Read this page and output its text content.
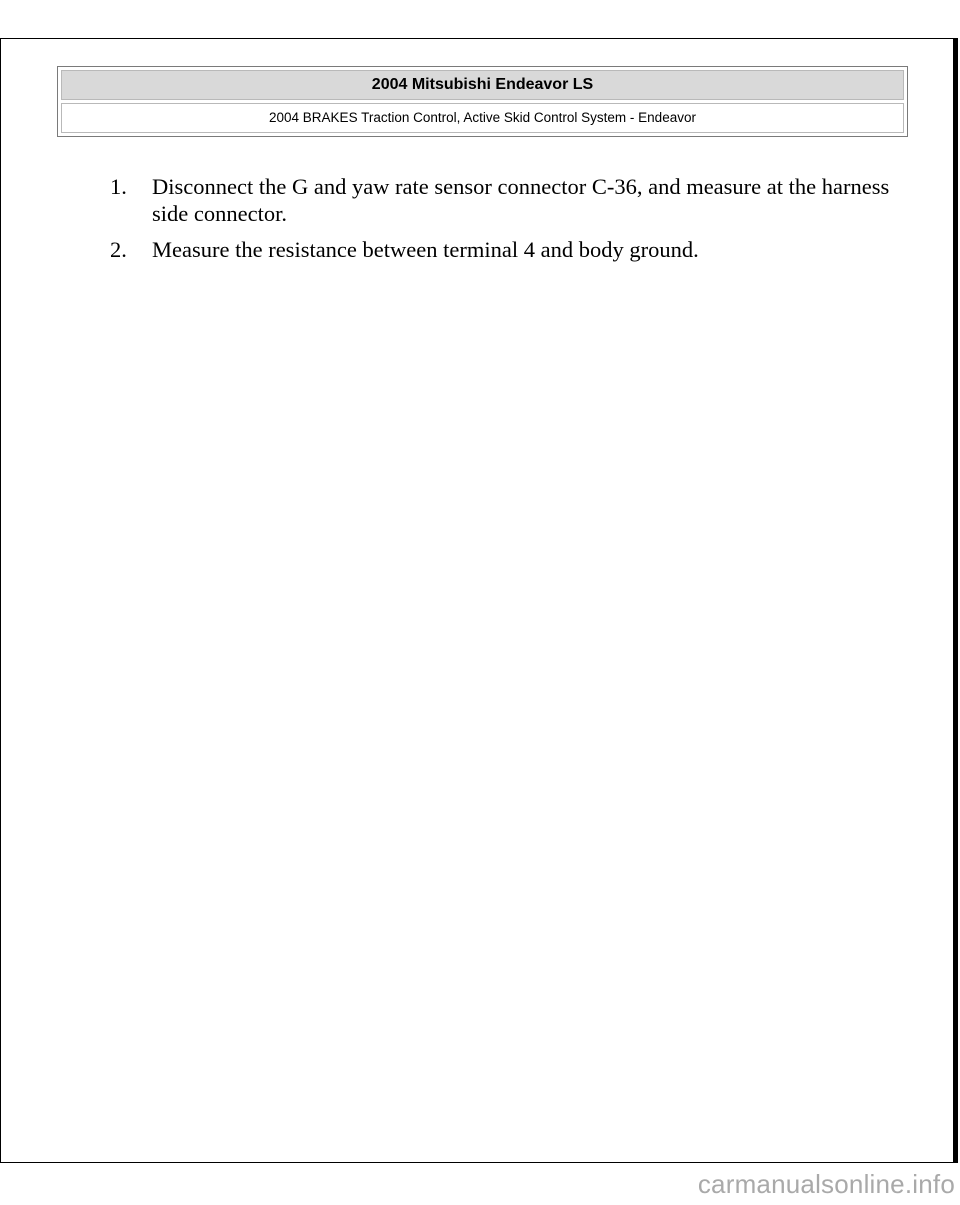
2004 Mitsubishi Endeavor LS
2004 BRAKES Traction Control, Active Skid Control System - Endeavor
1. Disconnect the G and yaw rate sensor connector C-36, and measure at the harness side connector.
2. Measure the resistance between terminal 4 and body ground.
carmanualsonline.info
